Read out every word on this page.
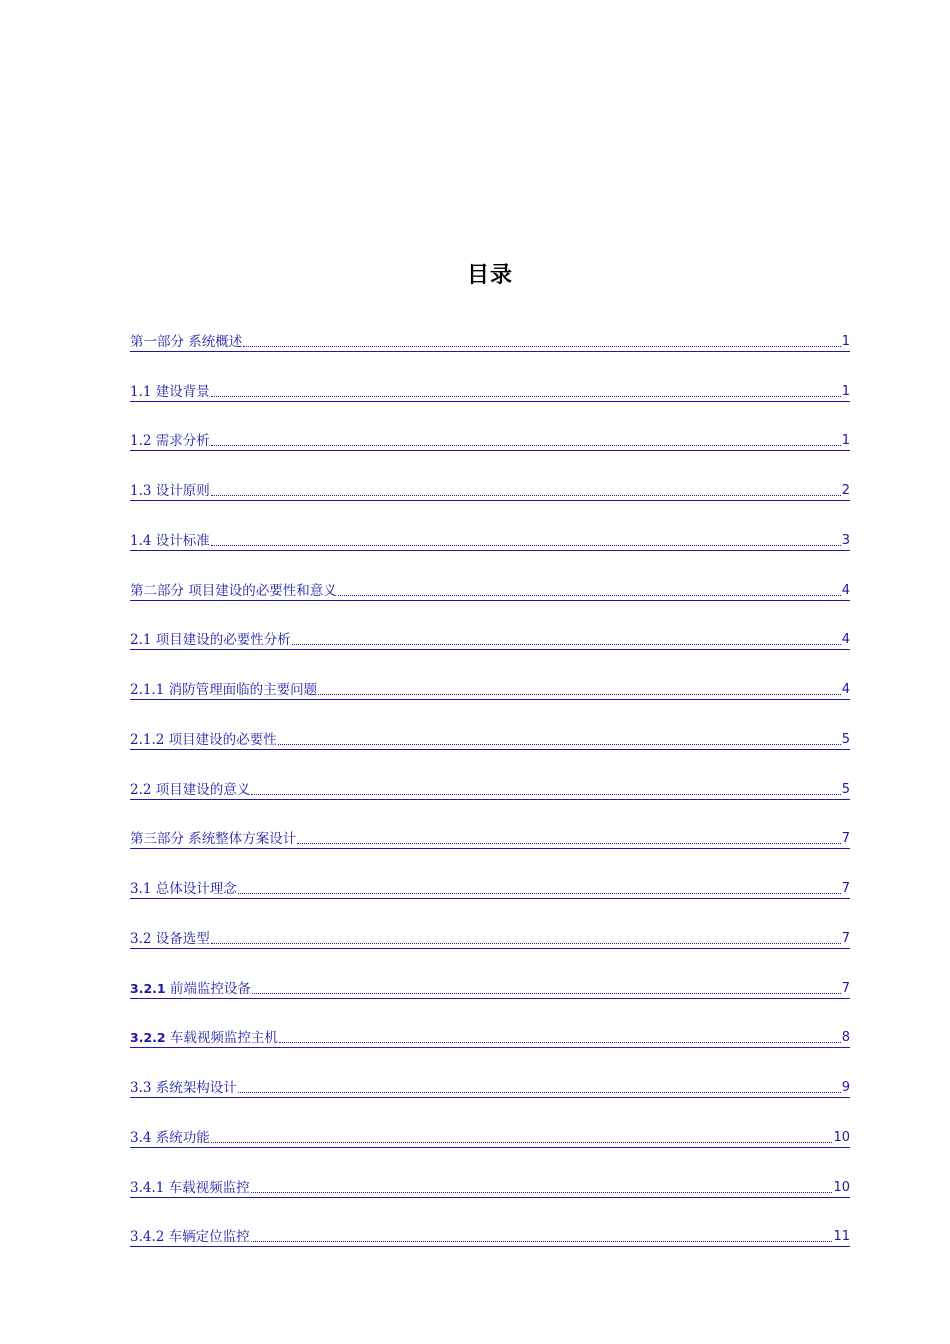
目录
第一部分 系统概述	1
1.1 建设背景	1
1.2 需求分析	1
1.3 设计原则	2
1.4 设计标准	3
第二部分 项目建设的必要性和意义	4
2.1 项目建设的必要性分析	4
2.1.1 消防管理面临的主要问题	4
2.1.2 项目建设的必要性	5
2.2 项目建设的意义	5
第三部分 系统整体方案设计	7
3.1 总体设计理念	7
3.2 设备选型	7
3.2.1 前端监控设备	7
3.2.2 车载视频监控主机	8
3.3 系统架构设计	9
3.4 系统功能	10
3.4.1 车载视频监控	10
3.4.2 车辆定位监控	11
